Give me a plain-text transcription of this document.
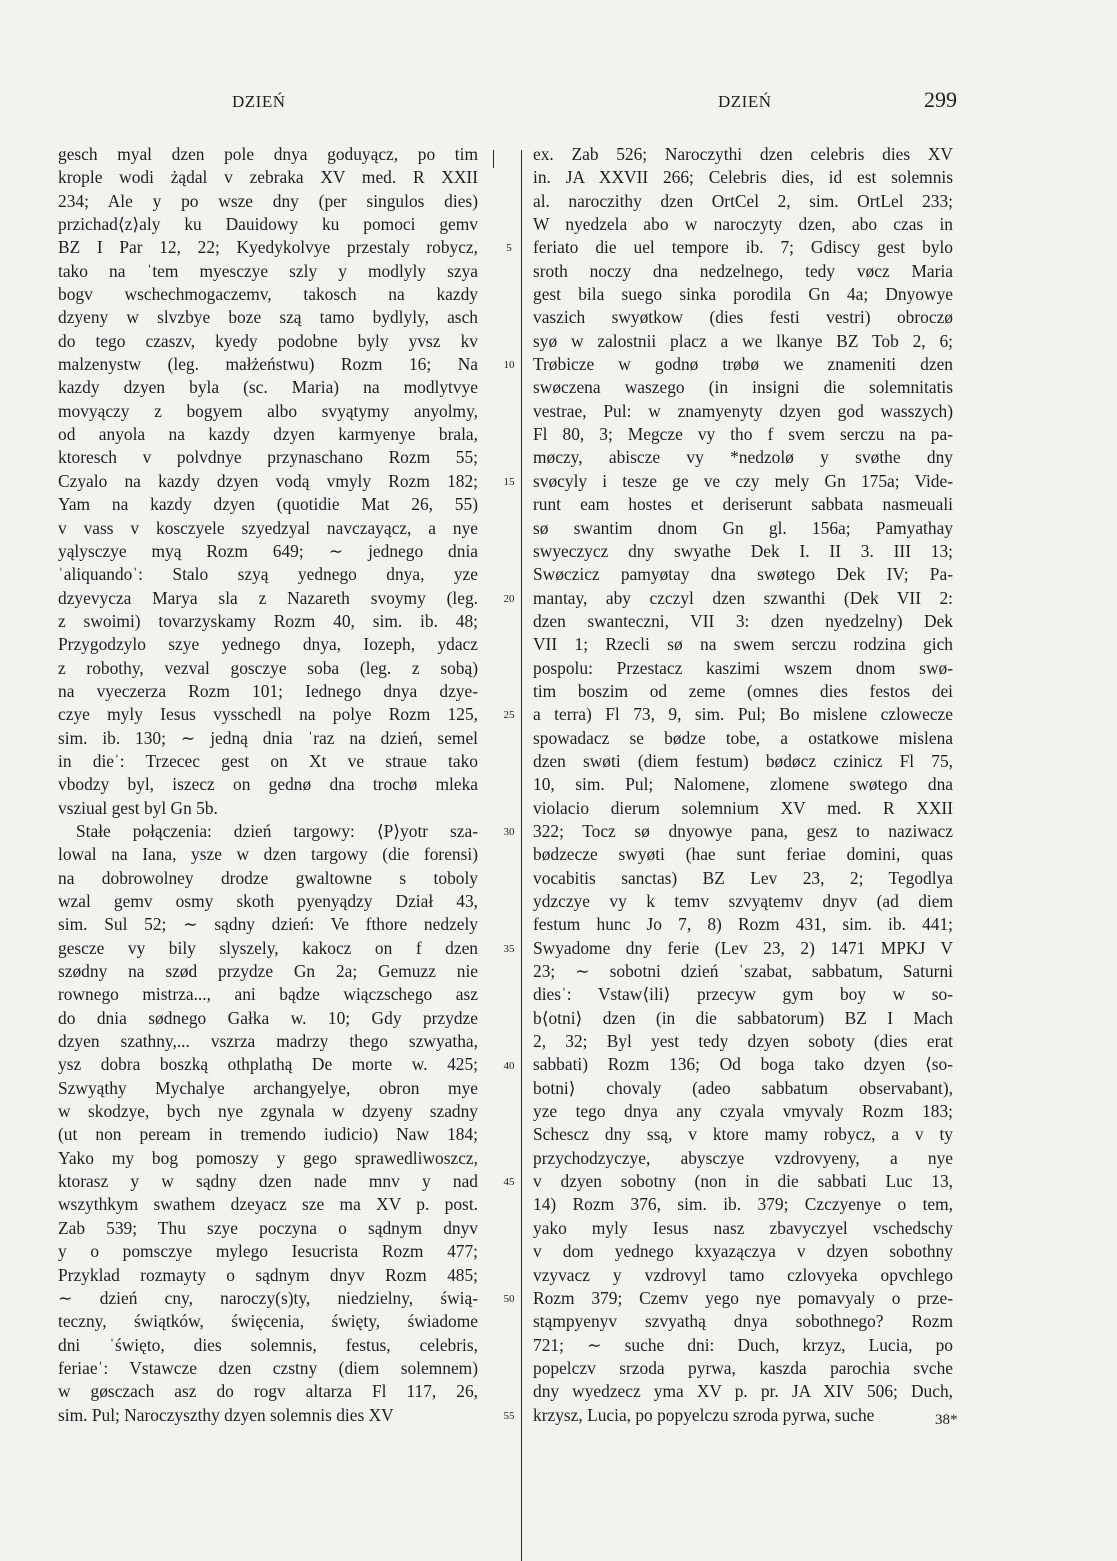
DZIEŃ	DZIEŃ	299
gesch myal dzen pole dnya goduyącz, po tim
krople wodi żądal v zebraka XV med. R XXII
234; Ale y po wsze dny (per singulos dies)
przichad⟨z⟩aly ku Dauidowy ku pomoci gemv
BZ I Par 12, 22; Kyedykolvye przestaly robycz,
tako na ˈtem myesczye szly y modlyly szya
bogv wschechmogaczemv, takosch na kazdy
dzyeny w slvzbye boze szą tamo bydlyly, asch
do tego czaszv, kyedy podobne byly yvsz kv
malzenystw (leg. małżeństwu) Rozm 16; Na
kazdy dzyen byla (sc. Maria) na modlytvye
movyączy z bogyem albo svyątymy anyolmy,
od anyola na kazdy dzyen karmyenye brala,
ktoresch v polvdnye przynaschano Rozm 55;
Czyalo na kazdy dzyen vodą vmyly Rozm 182;
Yam na kazdy dzyen (quotidie Mat 26, 55)
v vass v kosczyele szyedzyal navczayącz, a nye
yąlysczye myą Rozm 649; ∼ jednego dnia
ˈaliquandoˈ: Stalo szyą yednego dnya, yze
dzyevycza Marya sla z Nazareth svoymy (leg.
z swoimi) tovarzyskamy Rozm 40, sim. ib. 48;
Przygodzylo szye yednego dnya, Iozeph, ydacz
z robothy, vezval gosczye soba (leg. z sobą)
na vyeczerza Rozm 101; Iednego dnya dzye-
czye myly Iesus vysschedl na polye Rozm 125,
sim. ib. 130; ∼ jedną dnia ˈraz na dzień, semel
in dieˈ: Trzecec gest on Xt ve straue tako
vbodzy byl, iszecz on gednø dna trochø mleka
vsziual gest byl Gn 5b.
Stałe połączenia: dzień targowy: ⟨P⟩yotr sza-
lowal na Iana, ysze w dzen targowy (die forensi)
na dobrowolney drodze gwaltowne s toboly
wzal gemv osmy skoth pyenyądzy Dział 43,
sim. Sul 52; ∼ sądny dzień: Ve fthore nedzely
gescze vy bily slyszely, kakocz on f dzen
szødny na szød przydze Gn 2a; Gemuzz nie
rownego mistrza..., ani bądze wiączschego asz
do dnia sødnego Gałka w. 10; Gdy przydze
dzyen szathny,... vszrza madrzy thego szwyatha,
ysz dobra boszką othplathą De morte w. 425;
Szwyąthy Mychalye archangyelye, obron mye
w skodzye, bych nye zgynala w dzyeny szadny
(ut non peream in tremendo iudicio) Naw 184;
Yako my bog pomoszy y gego sprawedliwoszcz,
ktorasz y w sądny dzen nade mnv y nad
wszythkym swathem dzeyacz sze ma XV p. post.
Zab 539; Thu szye poczyna o sądnym dnyv
y o pomsczye mylego Iesucrista Rozm 477;
Przyklad rozmayty o sądnym dnyv Rozm 485;
∼ dzień cny, naroczy(s)ty, niedzielny, świą-
teczny, świątków, święcenia, święty, świadome
dni ˈświęto, dies solemnis, festus, celebris,
feriaeˈ: Vstawcze dzen czstny (diem solemnem)
w gøsczach asz do rogv altarza Fl 117, 26,
sim. Pul; Naroczyszthy dzyen solemnis dies XV
ex. Zab 526; Naroczythi dzen celebris dies XV
in. JA XXVII 266; Celebris dies, id est solemnis
al. naroczithy dzen OrtCel 2, sim. OrtLel 233;
W nyedzela abo w naroczyty dzen, abo czas in
feriato die uel tempore ib. 7; Gdiscy gest bylo
sroth noczy dna nedzelnego, tedy vøcz Maria
gest bila suego sinka porodila Gn 4a; Dnyowye
vaszich swyøtkow (dies festi vestri) obroczø
syø w zalostnii placz a we lkanye BZ Tob 2, 6;
Trøbicze w godnø trøbø we znameniti dzen
swøczena waszego (in insigni die solemnitatis
vestrae, Pul: w znamyenyty dzyen god wasszych)
Fl 80, 3; Megcze vy tho f svem serczu na pa-
møczy, abiscze vy *nedzolø y svøthe dny
svøcyly i tesze ge ve czy mely Gn 175a; Vide-
runt eam hostes et deriserunt sabbata nasmeuali
sø swantim dnom Gn gl. 156a; Pamyathay
swyeczycz dny swyathe Dek I. II 3. III 13;
Swøczicz pamyøtay dna swøtego Dek IV; Pa-
mantay, aby czczyl dzen szwanthi (Dek VII 2:
dzen swanteczni, VII 3: dzen nyedzelny) Dek
VII 1; Rzecli sø na swem serczu rodzina gich
pospolu: Przestacz kaszimi wszem dnom swø-
tim boszim od zeme (omnes dies festos dei
a terra) Fl 73, 9, sim. Pul; Bo mislene czlowecze
spowadacz se bødze tobe, a ostatkowe mislena
dzen swøti (diem festum) bødøcz czinicz Fl 75,
10, sim. Pul; Nalomene, zlomene swøtego dna
violacio dierum solemnium XV med. R XXII
322; Tocz sø dnyowye pana, gesz to naziwacz
bødzecze swyøti (hae sunt feriae domini, quas
vocabitis sanctas) BZ Lev 23, 2; Tegodlya
ydzczye vy k temv szvyątemv dnyv (ad diem
festum hunc Jo 7, 8) Rozm 431, sim. ib. 441;
Swyadome dny ferie (Lev 23, 2) 1471 MPKJ V
23; ∼ sobotni dzień ˈszabat, sabbatum, Saturni
diesˈ: Vstaw⟨ili⟩ przecyw gym boy w so-
b⟨otni⟩ dzen (in die sabbatorum) BZ I Mach
2, 32; Byl yest tedy dzyen soboty (dies erat
sabbati) Rozm 136; Od boga tako dzyen ⟨so-
botni⟩ chovaly (adeo sabbatum observabant),
yze tego dnya any czyala vmyvaly Rozm 183;
Schescz dny ssą, v ktore mamy robycz, a v ty
przychodzyczye, abysczye vzdrovyeny, a nye
v dzyen sobotny (non in die sabbati Luc 13,
14) Rozm 376, sim. ib. 379; Czczyenye o tem,
yako myly Iesus nasz zbavyczyel vschedschy
v dom yednego kxyazączya v dzyen sobothny
vzyvacz y vzdrovyl tamo czlovyeka opvchlego
Rozm 379; Czemv yego nye pomavyaly o prze-
stąmpyenyv szvyathą dnya sobothnego? Rozm
721; ∼ suche dni: Duch, krzyz, Lucia, po
popelczv srzoda pyrwa, kaszda parochia svche
dny wyedzecz yma XV p. pr. JA XIV 506; Duch,
krzysz, Lucia, po popyelczu szroda pyrwa, suche
5
10
15
20
25
30
35
40
45
50
55	38*
